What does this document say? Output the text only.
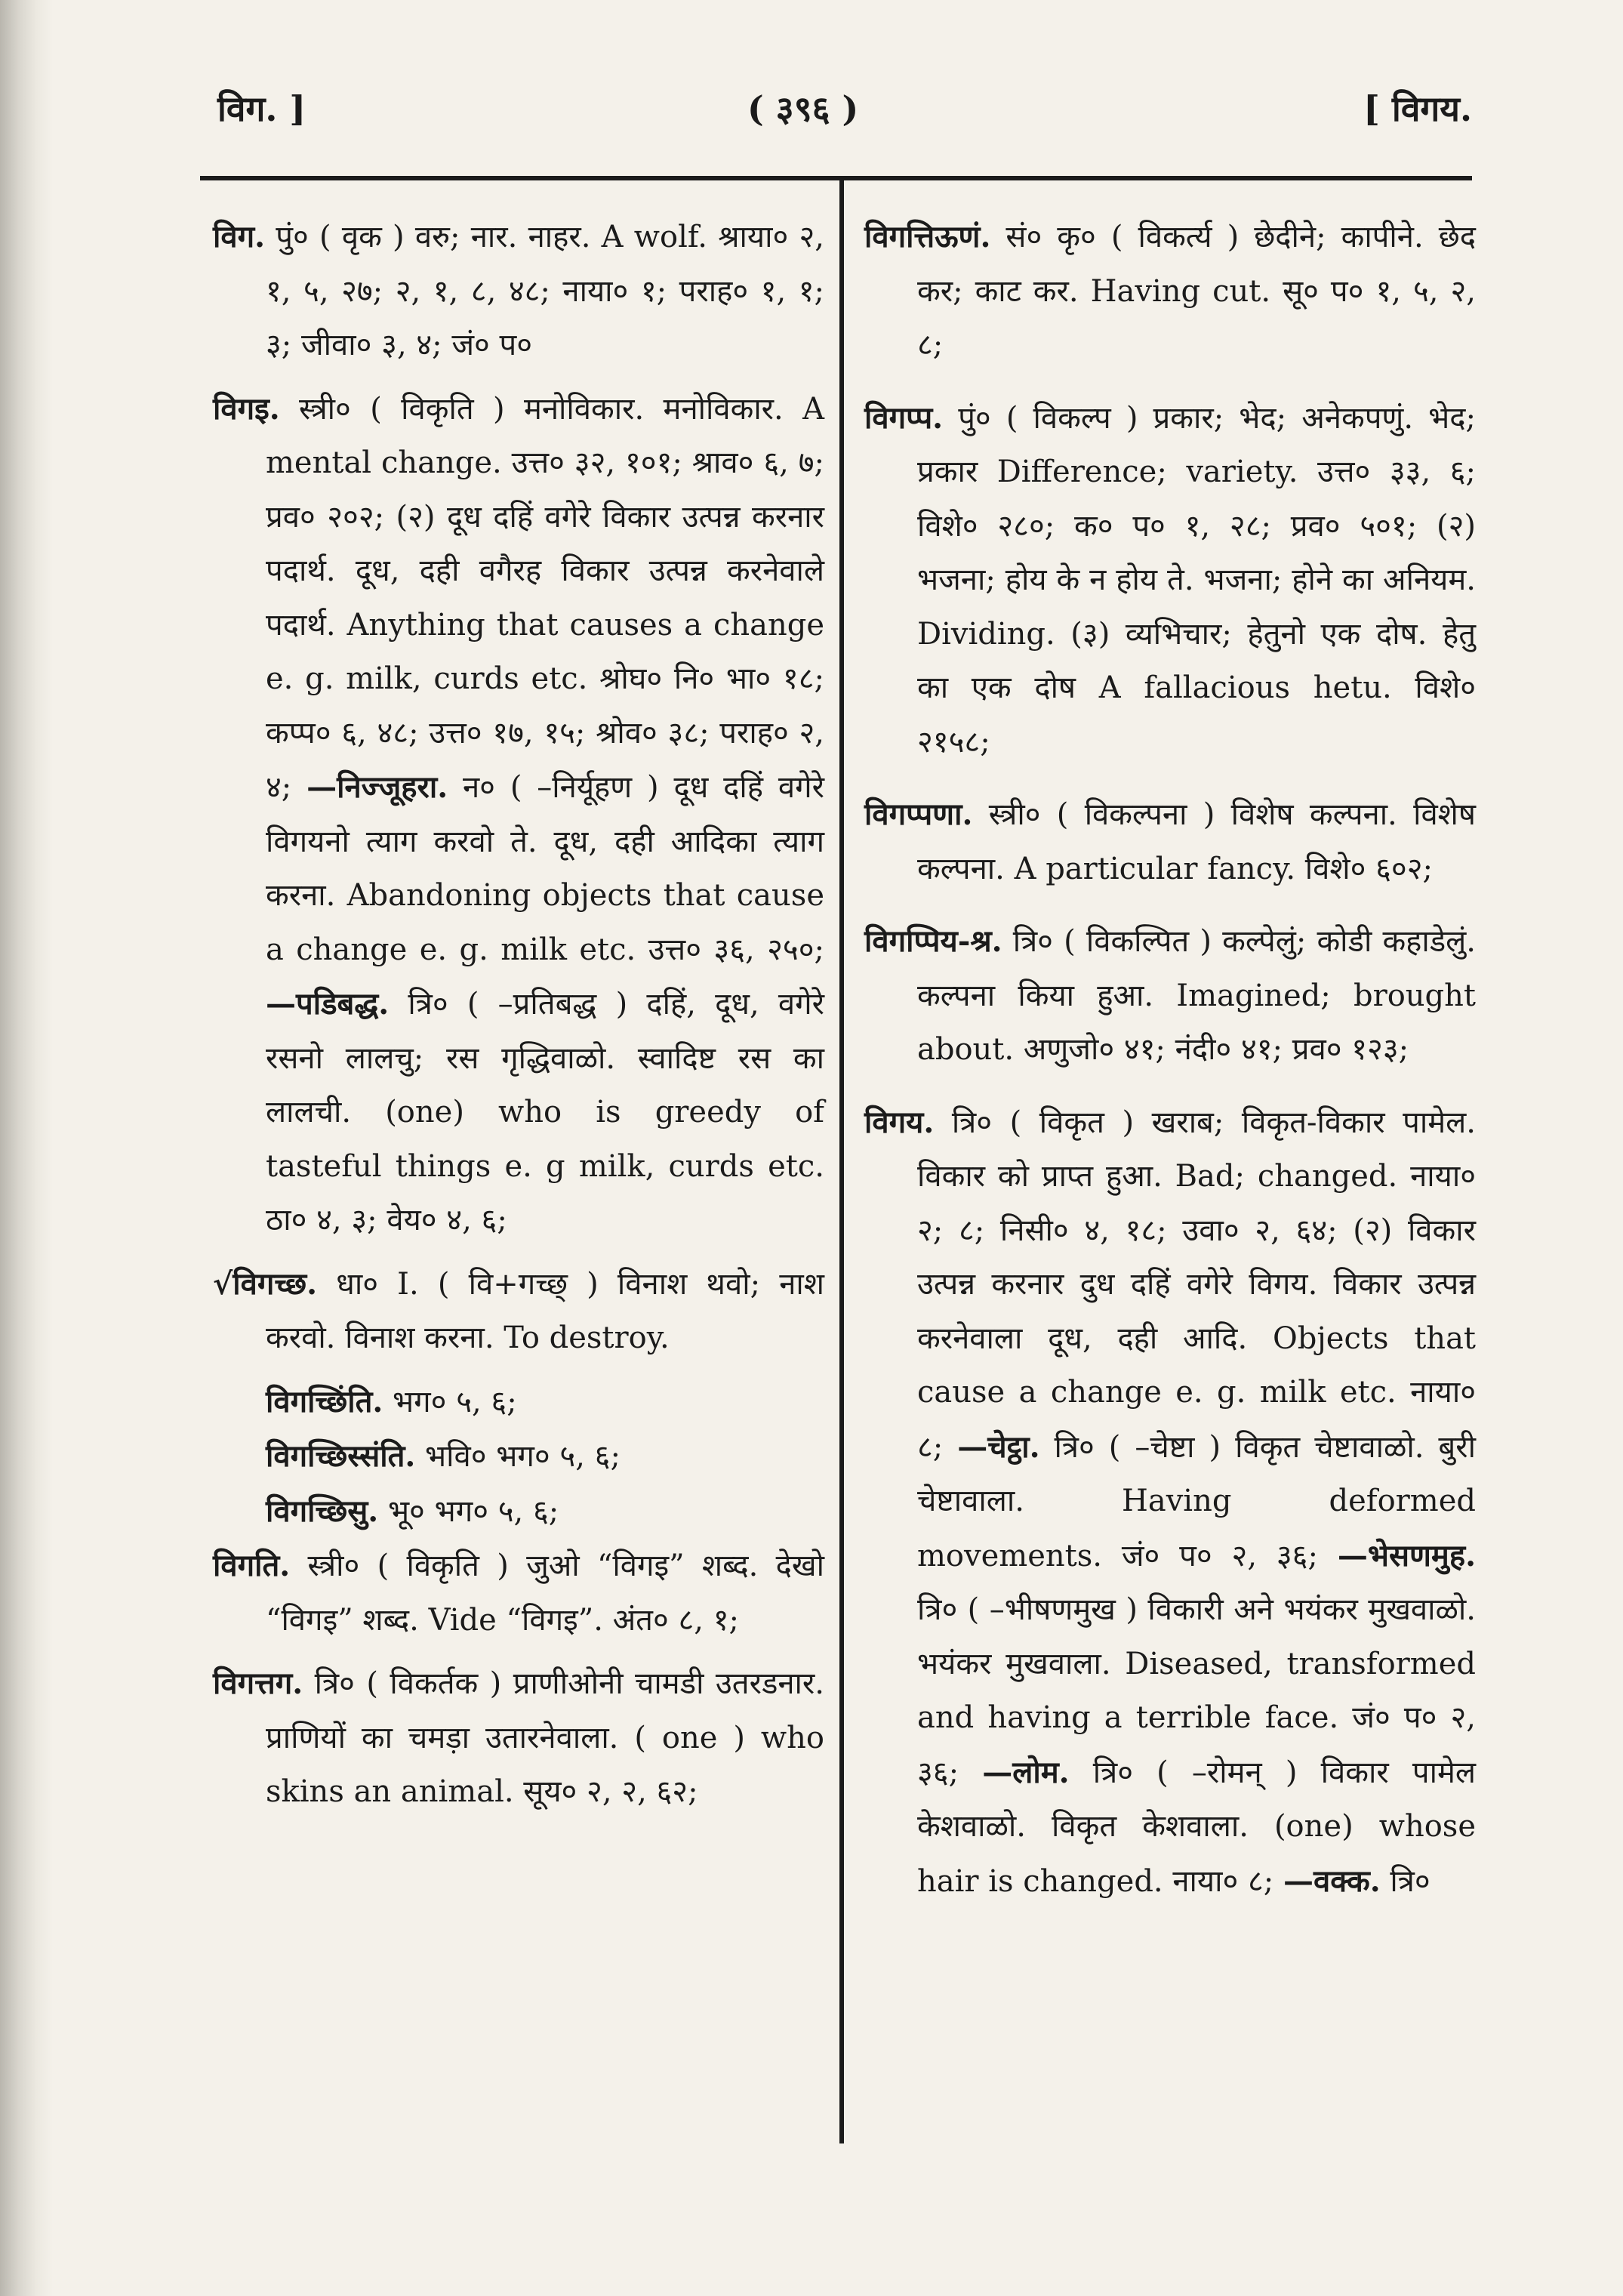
विग. ]	( ३९६ )	[ विगय.

विग. पुं० ( वृक ) वरु; नार. नाहर. A wolf. श्राया० २, १, ५, २७; २, १, ८, ४८; नाया० १; पराह० १, १; ३; जीवा० ३, ४; जं० प०

विगइ. स्त्री० ( विकृति ) मनोविकार. मनोविकार. A mental change. उत्त० ३२, १०१; श्राव० ६, ७; प्रव० २०२; (२) दूध दहिं वगेरे विकार उत्पन्न करनार पदार्थ. दूध, दही वगैरह विकार उत्पन्न करनेवाले पदार्थ. Anything that causes a change e. g. milk, curds etc. श्रोघ० नि० भा० १८; कप्प० ६, ४८; उत्त० १७, १५; श्रोव० ३८; पराह० २, ४; —निज्जूहरा. न० ( –निर्यूहण ) दूध दहिं वगेरे विगयनो त्याग करवो ते. दूध, दही आदिका त्याग करना. Abandoning objects that cause a change e. g. milk etc. उत्त० ३६, २५०; —पडिबद्ध. त्रि० ( –प्रतिबद्ध ) दहिं, दूध, वगेरे रसनो लालचु; रस गृद्धिवाळो. स्वादिष्ट रस का लालची. (one) who is greedy of tasteful things e. g milk, curds etc. ठा० ४, ३; वेय० ४, ६;

√विगच्छ. धा० I. ( वि+गच्छ् ) विनाश थवो; नाश करवो. विनाश करना. To destroy.

विगच्छिंति. भग० ५, ६;

विगच्छिस्संति. भवि० भग० ५, ६;

विगच्छिसु. भू० भग० ५, ६;

विगति. स्त्री० ( विकृति ) जुओ “विगइ” शब्द. देखो “विगइ” शब्द. Vide “विगइ”. अंत० ८, १;

विगत्तग. त्रि० ( विकर्तक ) प्राणीओनी चामडी उतरडनार. प्राणियों का चमड़ा उतारनेवाला. ( one ) who skins an animal. सूय० २, २, ६२;

विगत्तिऊणं. सं० कृ० ( विकर्त्य ) छेदीने; कापीने. छेद कर; काट कर. Having cut. सू० प० १, ५, २, ८;

विगप्प. पुं० ( विकल्प ) प्रकार; भेद; अनेकपणुं. भेद; प्रकार Difference; variety. उत्त० ३३, ६; विशे० २८०; क० प० १, २८; प्रव० ५०१; (२) भजना; होय के न होय ते. भजना; होने का अनियम. Dividing. (३) व्यभिचार; हेतुनो एक दोष. हेतु का एक दोष A fallacious hetu. विशे० २१५८;

विगप्पणा. स्त्री० ( विकल्पना ) विशेष कल्पना. विशेष कल्पना. A particular fancy. विशे० ६०२;

विगप्पिय-श्र. त्रि० ( विकल्पित ) कल्पेलुं; कोडी कहाडेलुं. कल्पना किया हुआ. Imagined; brought about. अणुजो० ४१; नंदी० ४१; प्रव० १२३;

विगय. त्रि० ( विकृत ) खराब; विकृत-विकार पामेल. विकार को प्राप्त हुआ. Bad; changed. नाया० २; ८; निसी० ४, १८; उवा० २, ६४; (२) विकार उत्पन्न करनार दुध दहिं वगेरे विगय. विकार उत्पन्न करनेवाला दूध, दही आदि. Objects that cause a change e. g. milk etc. नाया० ८; —चेट्ठा. त्रि० ( –चेष्टा ) विकृत चेष्टावाळो. बुरी चेष्टावाला. Having deformed movements. जं० प० २, ३६; —भेसणमुह. त्रि० ( –भीषणमुख ) विकारी अने भयंकर मुखवाळो. भयंकर मुखवाला. Diseased, transformed and having a terrible face. जं० प० २, ३६; —लोम. त्रि० ( –रोमन् ) विकार पामेल केशवाळो. विकृत केशवाला. (one) whose hair is changed. नाया० ८; —वक्क. त्रि०
